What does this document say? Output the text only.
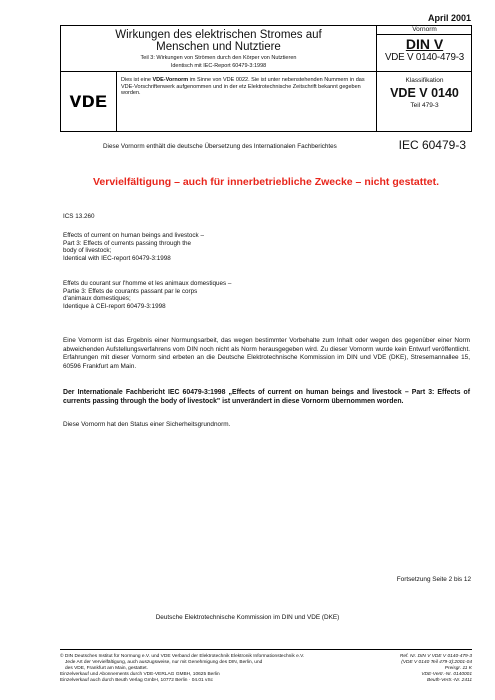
April 2001
Wirkungen des elektrischen Stromes auf
Menschen und Nutztiere
Teil 3: Wirkungen von Strömen durch den Körper von Nutztieren
Identisch mit IEC-Report 60479-3:1998
Vornorm
DIN V
VDE V 0140-479-3
VDE
Dies ist eine VDE-Vornorm im Sinne von VDE 0022. Sie ist unter nebenstehenden Nummern in das VDE-Vorschriftenwerk aufgenommen und in der etz Elektrotechnische Zeitschrift bekannt gegeben worden.
Klassifikation
VDE V 0140
Teil 479-3
Diese Vornorm enthält die deutsche Übersetzung des Internationalen Fachberichtes	IEC 60479-3
Vervielfältigung – auch für innerbetriebliche Zwecke – nicht gestattet.
ICS 13.260
Effects of current on human beings and livestock –
Part 3: Effects of currents passing through the
body of livestock;
Identical with IEC-report 60479-3:1998
Effets du courant sur l'homme et les animaux domestiques –
Partie 3: Effets de courants passant par le corps
d'animaux domestiques;
Identique à CEI-report 60479-3:1998
Eine Vornorm ist das Ergebnis einer Normungsarbeit, das wegen bestimmter Vorbehalte zum Inhalt oder wegen des gegenüber einer Norm abweichenden Aufstellungsverfahrens vom DIN noch nicht als Norm herausgegeben wird. Zu dieser Vornorm wurde kein Entwurf veröffentlicht. Erfahrungen mit dieser Vornorm sind erbeten an die Deutsche Elektrotechnische Kommission im DIN und VDE (DKE), Stresemannallee 15, 60596 Frankfurt am Main.
Der Internationale Fachbericht IEC 60479-3:1998 „Effects of current on human beings and livestock – Part 3: Effects of currents passing through the body of livestock" ist unverändert in diese Vornorm übernommen worden.
Diese Vornorm hat den Status einer Sicherheitsgrundnorm.
Fortsetzung Seite 2 bis 12
Deutsche Elektrotechnische Kommission im DIN und VDE (DKE)
© DIN Deutsches Institut für Normung e.V. und VDE Verband der Elektrotechnik Elektronik Informationstechnik e.V.
Jede Art der Vervielfältigung, auch auszugsweise, nur mit Genehmigung des DIN, Berlin, und
des VDE, Frankfurt am Main, gestattet.
Einzelverkauf und Abonnements durch VDE-VERLAG GMBH, 10625 Berlin
Einzelverkauf auch durch Beuth Verlag GmbH, 10772 Berlin · 04.01 vSc
Ref. Nr. DIN V VDE V 0140-479-3
(VDE V 0140 Teil 479-3):2001-04
Preisgr. 11 K
VDE-Vertr.-Nr. 0140001
Beuth-Vertr.-Nr. 2411
